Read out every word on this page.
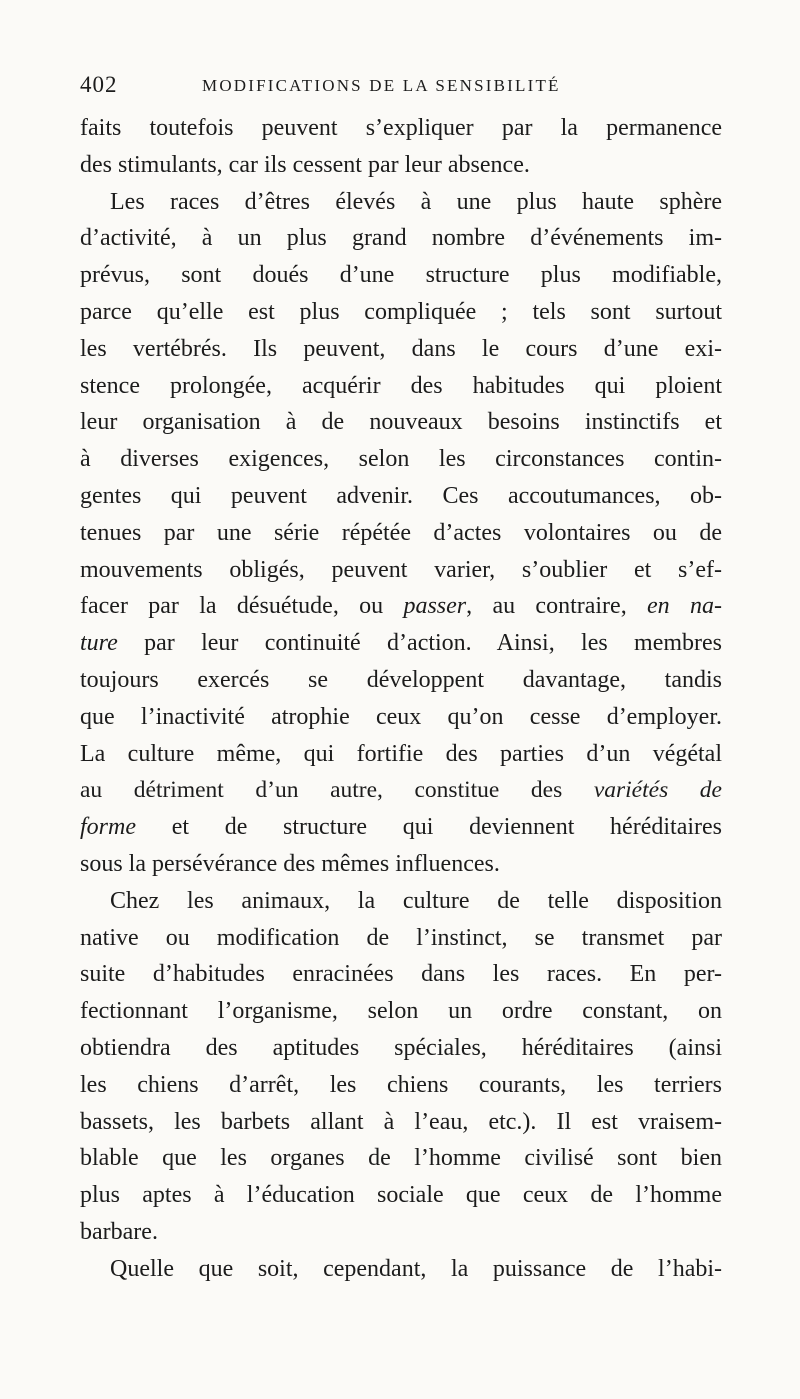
402	MODIFICATIONS DE LA SENSIBILITÉ
faits toutefois peuvent s’expliquer par la permanence
des stimulants, car ils cessent par leur absence.
Les races d’êtres élevés à une plus haute sphère
d’activité, à un plus grand nombre d’événements im-
prévus, sont doués d’une structure plus modifiable,
parce qu’elle est plus compliquée ; tels sont surtout
les vertébrés. Ils peuvent, dans le cours d’une exi-
stence prolongée, acquérir des habitudes qui ploient
leur organisation à de nouveaux besoins instinctifs et
à diverses exigences, selon les circonstances contin-
gentes qui peuvent advenir. Ces accoutumances, ob-
tenues par une série répétée d’actes volontaires ou de
mouvements obligés, peuvent varier, s’oublier et s’ef-
facer par la désuétude, ou passer, au contraire, en na-
ture par leur continuité d’action. Ainsi, les membres
toujours exercés se développent davantage, tandis
que l’inactivité atrophie ceux qu’on cesse d’employer.
La culture même, qui fortifie des parties d’un végétal
au détriment d’un autre, constitue des variétés de
forme et de structure qui deviennent héréditaires
sous la persévérance des mêmes influences.
Chez les animaux, la culture de telle disposition
native ou modification de l’instinct, se transmet par
suite d’habitudes enracinées dans les races. En per-
fectionnant l’organisme, selon un ordre constant, on
obtiendra des aptitudes spéciales, héréditaires (ainsi
les chiens d’arrêt, les chiens courants, les terriers
bassets, les barbets allant à l’eau, etc.). Il est vraisem-
blable que les organes de l’homme civilisé sont bien
plus aptes à l’éducation sociale que ceux de l’homme
barbare.
Quelle que soit, cependant, la puissance de l’habi-
